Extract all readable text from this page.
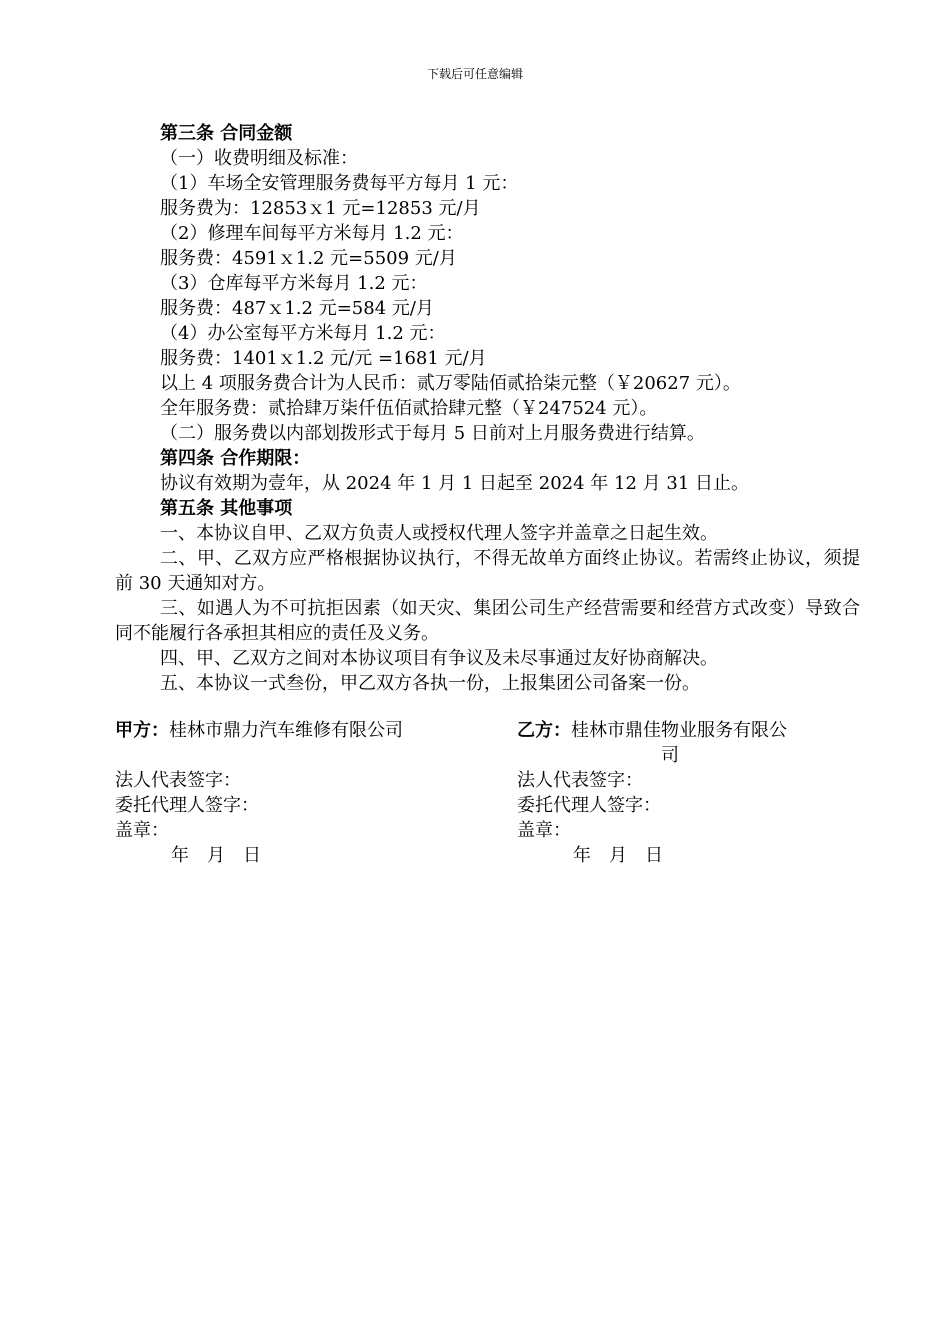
下载后可任意编辑
第三条 合同金额
（一）收费明细及标准：
（1）车场全安管理服务费每平方每月 1 元：
服务费为：12853ｘ1 元=12853 元/月
（2）修理车间每平方米每月 1.2 元：
服务费：4591ｘ1.2 元=5509 元/月
（3）仓库每平方米每月 1.2 元：
服务费：487ｘ1.2 元=584 元/月
（4）办公室每平方米每月 1.2 元：
服务费：1401ｘ1.2 元/元 =1681 元/月
以上 4 项服务费合计为人民币：贰万零陆佰贰拾柒元整（￥20627 元）。
全年服务费：贰拾肆万柒仟伍佰贰拾肆元整（￥247524 元）。
（二）服务费以内部划拨形式于每月 5 日前对上月服务费进行结算。
第四条 合作期限：
协议有效期为壹年，从 2024 年 1 月 1 日起至 2024 年 12 月 31 日止。
第五条 其他事项
一、本协议自甲、乙双方负责人或授权代理人签字并盖章之日起生效。
二、甲、乙双方应严格根据协议执行，不得无故单方面终止协议。若需终止协议，须提前 30 天通知对方。
三、如遇人为不可抗拒因素（如天灾、集团公司生产经营需要和经营方式改变）导致合同不能履行各承担其相应的责任及义务。
四、甲、乙双方之间对本协议项目有争议及未尽事通过友好协商解决。
五、本协议一式叁份，甲乙双方各执一份，上报集团公司备案一份。
甲方：桂林市鼎力汽车维修有限公司
法人代表签字：
委托代理人签字：
盖章：
年　月　日
乙方：桂林市鼎佳物业服务有限公
司
法人代表签字：
委托代理人签字：
盖章：
年　月　日
